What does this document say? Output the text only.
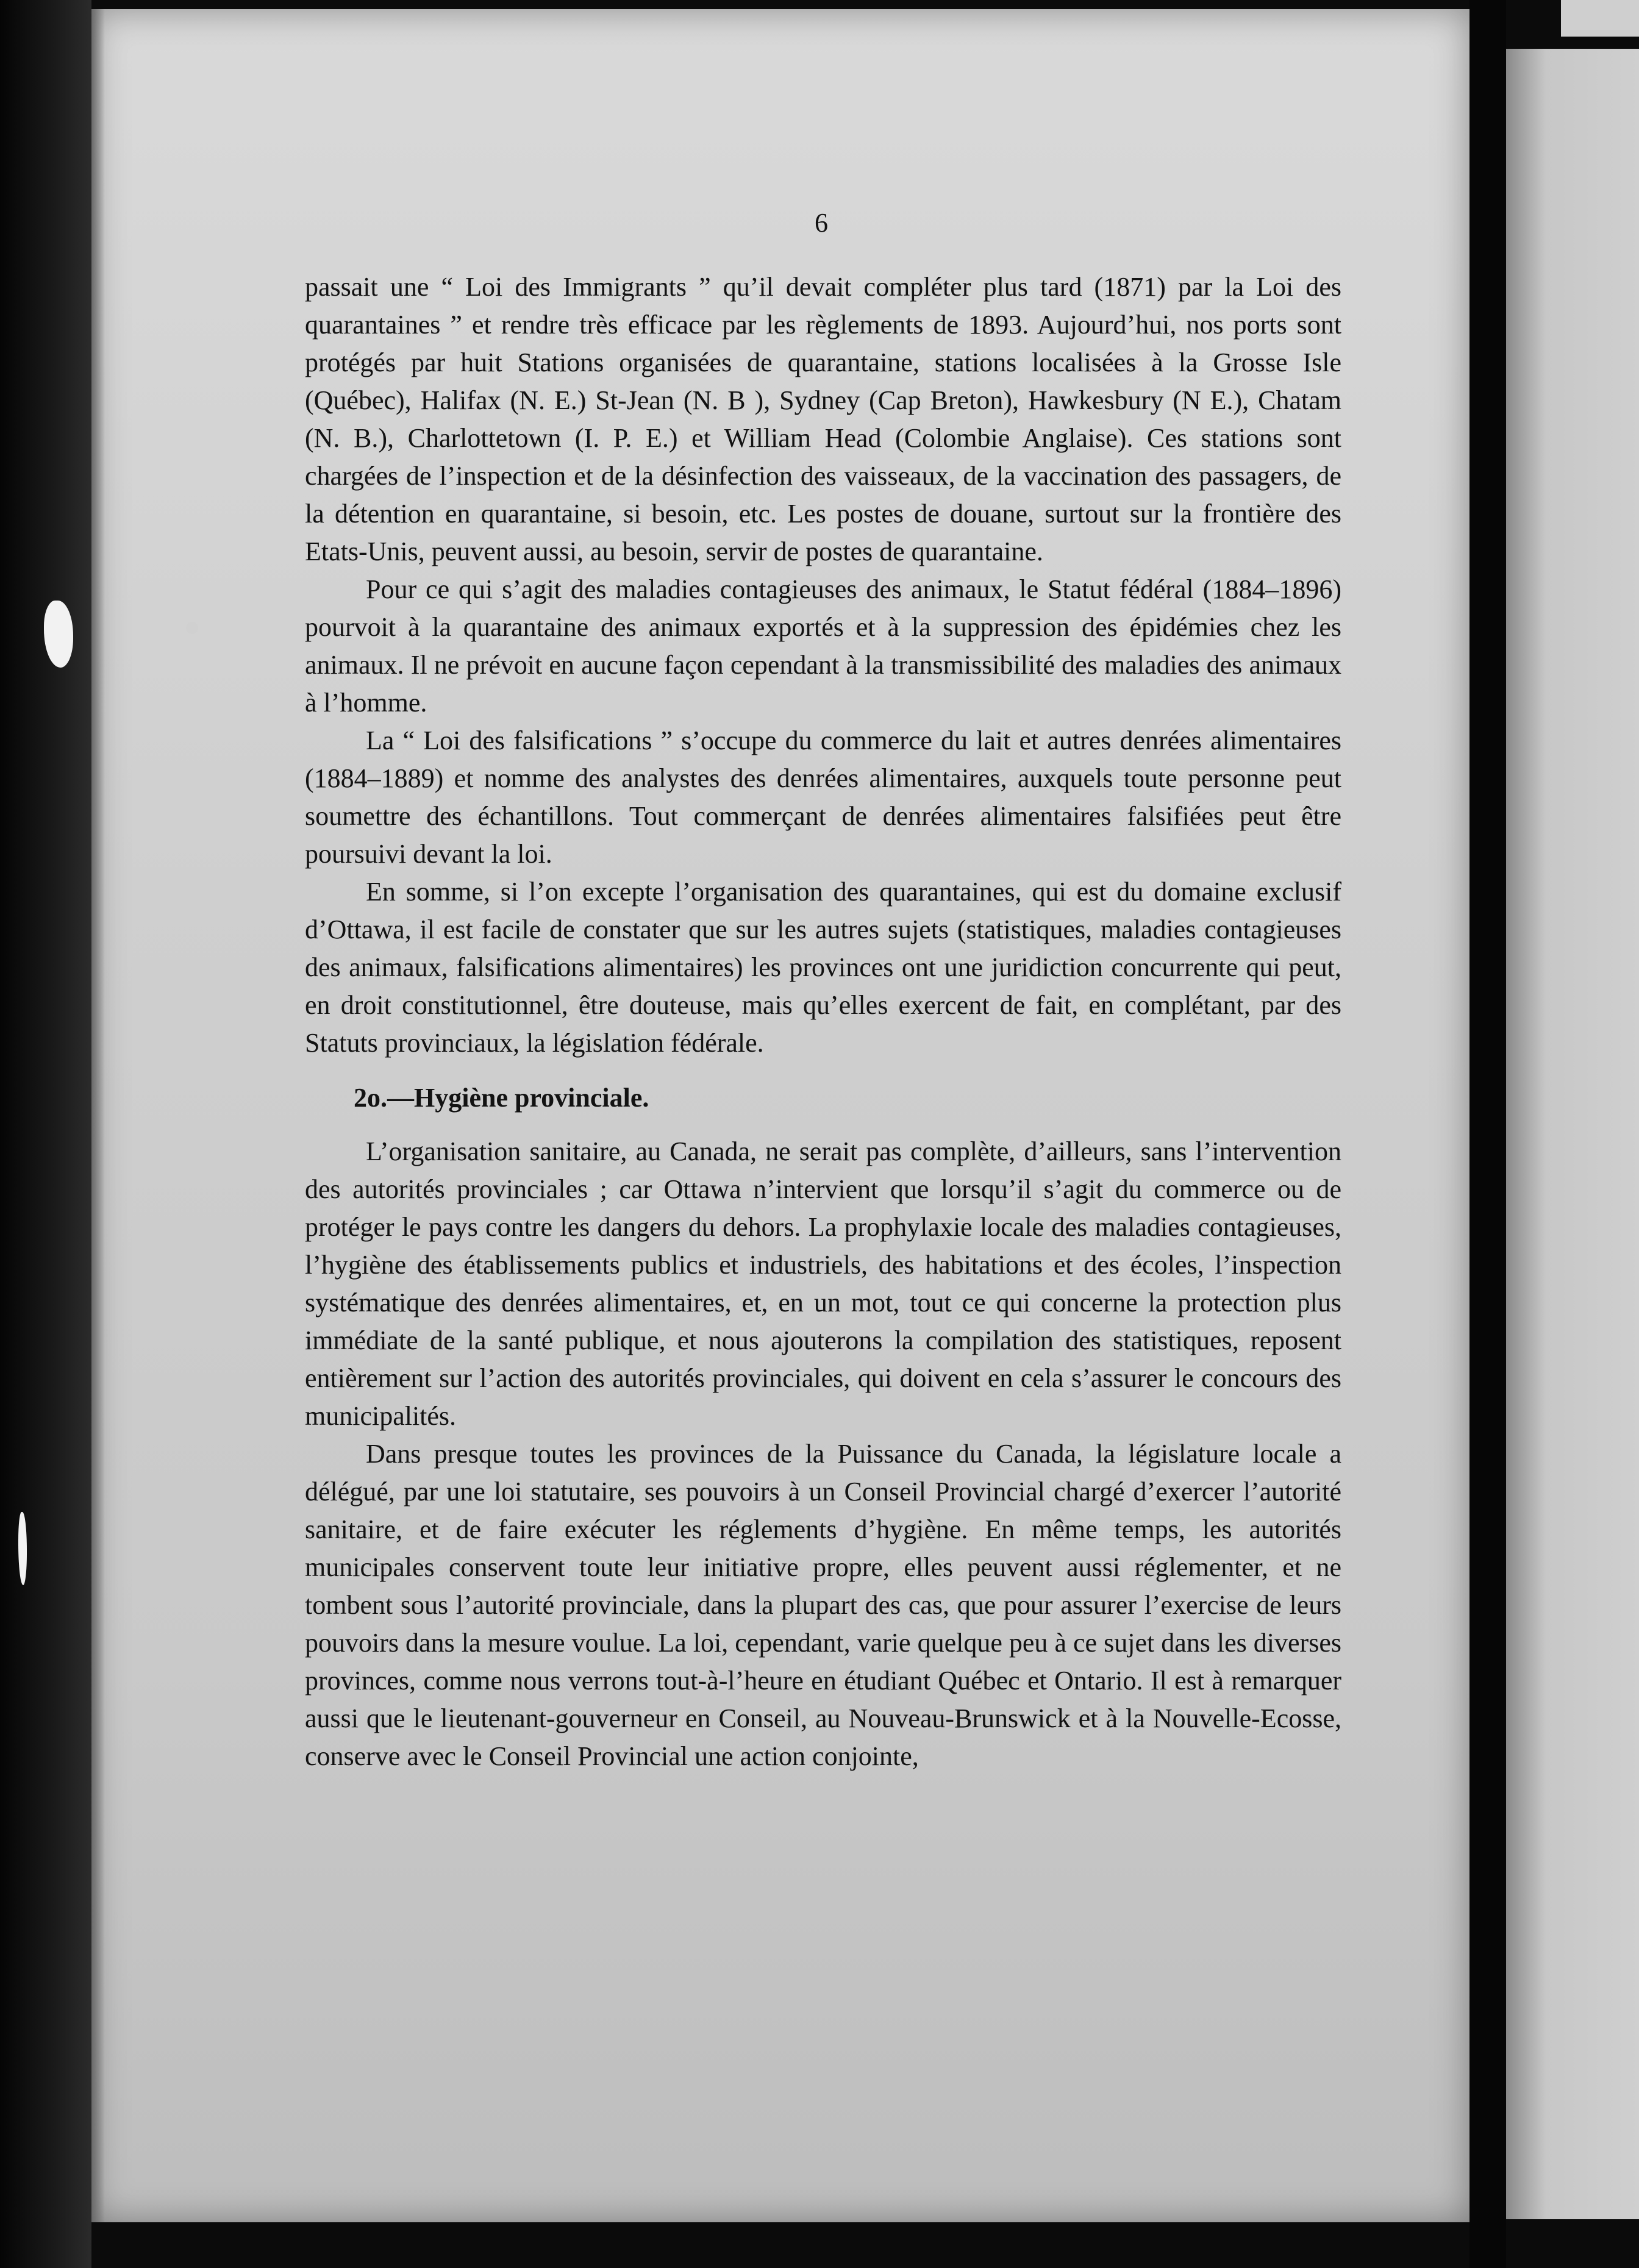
6

passait une “ Loi des Immigrants ” qu’il devait compléter plus tard (1871) par la Loi des quarantaines ” et rendre très efficace par les règlements de 1893. Aujourd’hui, nos ports sont protégés par huit Stations organisées de quarantaine, stations localisées à la Grosse Isle (Québec), Halifax (N. E.) St-Jean (N. B ), Sydney (Cap Breton), Hawkesbury (N E.), Chatam (N. B.), Charlottetown (I. P. E.) et William Head (Colombie Anglaise). Ces stations sont chargées de l’inspection et de la désinfection des vaisseaux, de la vaccination des passagers, de la détention en quarantaine, si besoin, etc. Les postes de douane, surtout sur la frontière des Etats-Unis, peuvent aussi, au besoin, servir de postes de quarantaine.

Pour ce qui s’agit des maladies contagieuses des animaux, le Statut fédéral (1884–1896) pourvoit à la quarantaine des animaux exportés et à la suppression des épidémies chez les animaux. Il ne prévoit en aucune façon cependant à la transmissibilité des maladies des animaux à l’homme.

La “ Loi des falsifications ” s’occupe du commerce du lait et autres denrées alimentaires (1884–1889) et nomme des analystes des denrées alimentaires, auxquels toute personne peut soumettre des échantillons. Tout commerçant de denrées alimentaires falsifiées peut être poursuivi devant la loi.

En somme, si l’on excepte l’organisation des quarantaines, qui est du domaine exclusif d’Ottawa, il est facile de constater que sur les autres sujets (statistiques, maladies contagieuses des animaux, falsifications alimentaires) les provinces ont une juridiction concurrente qui peut, en droit constitutionnel, être douteuse, mais qu’elles exercent de fait, en complétant, par des Statuts provinciaux, la législation fédérale.

2o.—Hygiène provinciale.

L’organisation sanitaire, au Canada, ne serait pas complète, d’ailleurs, sans l’intervention des autorités provinciales ; car Ottawa n’intervient que lorsqu’il s’agit du commerce ou de protéger le pays contre les dangers du dehors. La prophylaxie locale des maladies contagieuses, l’hygiène des établissements publics et industriels, des habitations et des écoles, l’inspection systématique des denrées alimentaires, et, en un mot, tout ce qui concerne la protection plus immédiate de la santé publique, et nous ajouterons la compilation des statistiques, reposent entièrement sur l’action des autorités provinciales, qui doivent en cela s’assurer le concours des municipalités.

Dans presque toutes les provinces de la Puissance du Canada, la législature locale a délégué, par une loi statutaire, ses pouvoirs à un Conseil Provincial chargé d’exercer l’autorité sanitaire, et de faire exécuter les réglements d’hygiène. En même temps, les autorités municipales conservent toute leur initiative propre, elles peuvent aussi réglementer, et ne tombent sous l’autorité provinciale, dans la plupart des cas, que pour assurer l’exercise de leurs pouvoirs dans la mesure voulue. La loi, cependant, varie quelque peu à ce sujet dans les diverses provinces, comme nous verrons tout-à-l’heure en étudiant Québec et Ontario. Il est à remarquer aussi que le lieutenant-gouverneur en Conseil, au Nouveau-Brunswick et à la Nouvelle-Ecosse, conserve avec le Conseil Provincial une action conjointe,
